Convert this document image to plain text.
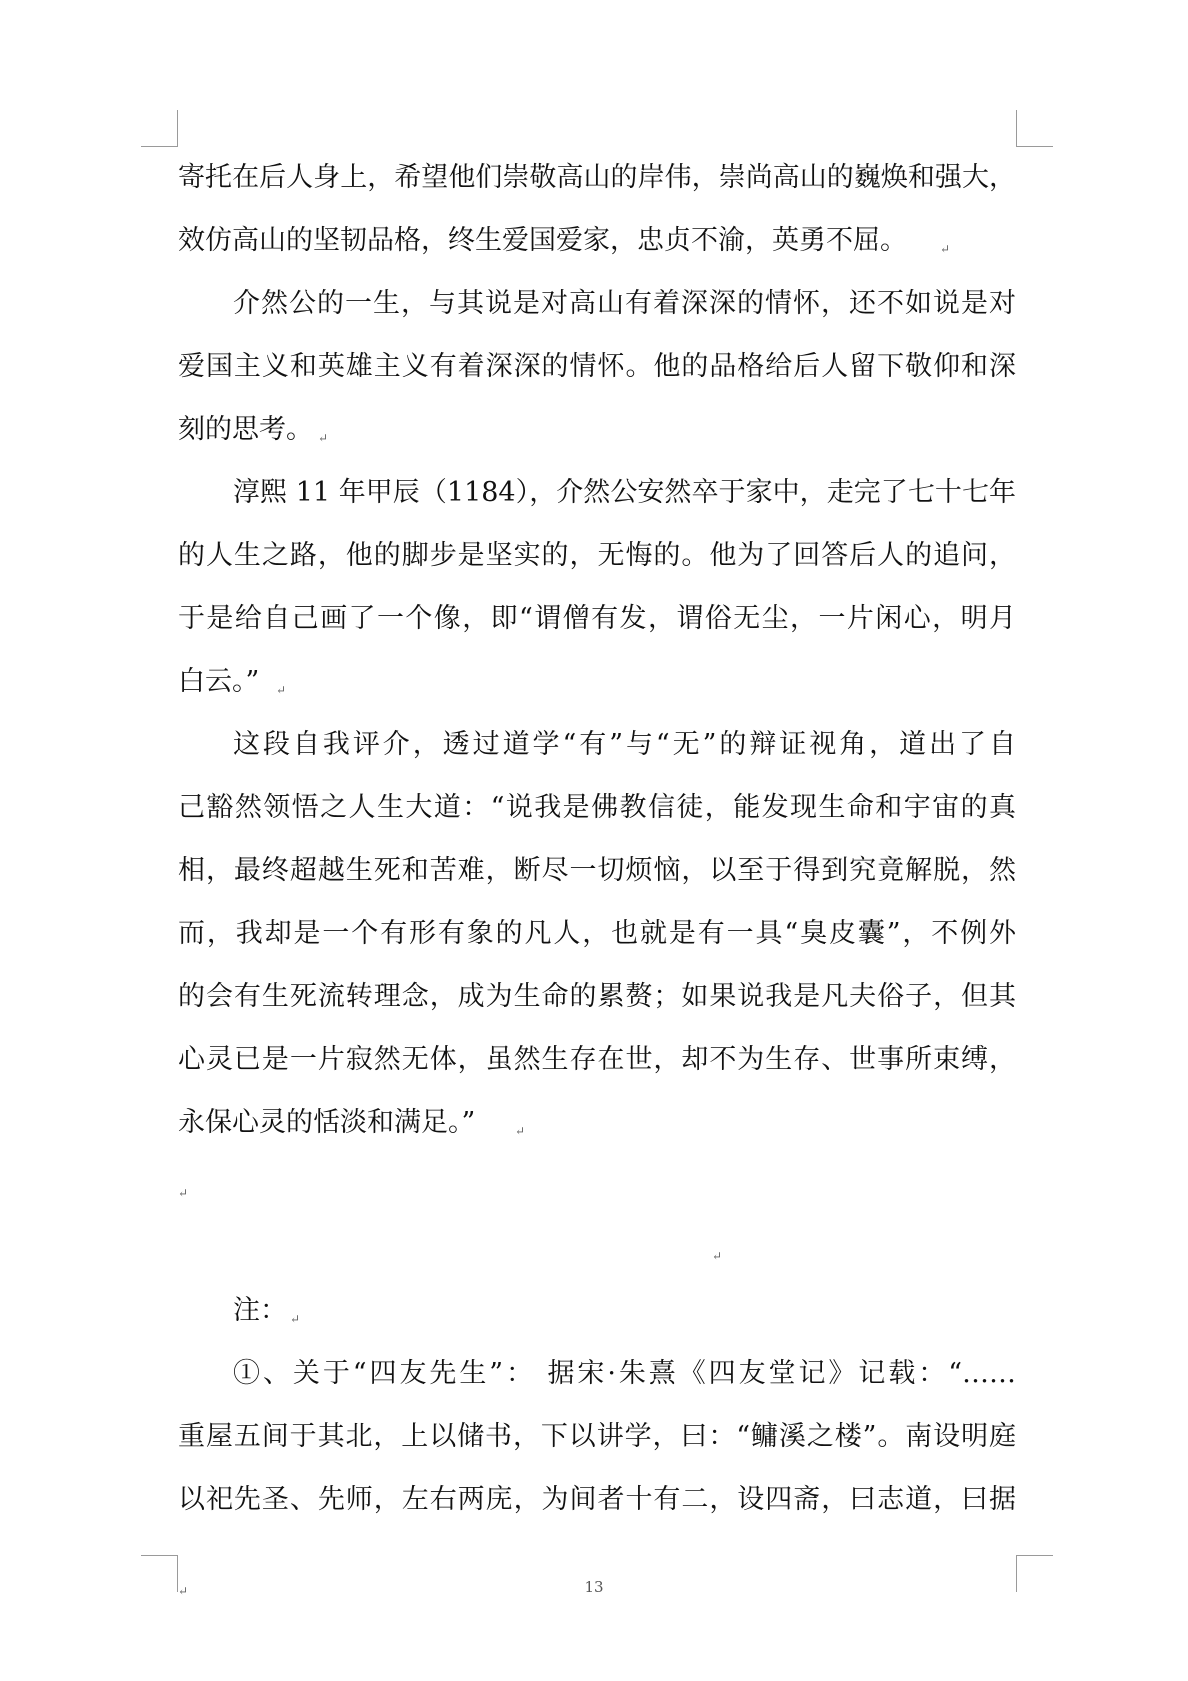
寄托在后人身上，希望他们崇敬高山的岸伟，崇尚高山的巍焕和强大，
效仿高山的坚韧品格，终生爱国爱家，忠贞不渝，英勇不屈。	↵
介然公的一生，与其说是对高山有着深深的情怀，还不如说是对
爱国主义和英雄主义有着深深的情怀。他的品格给后人留下敬仰和深
刻的思考。 ↵
淳熙 11 年甲辰（1184），介然公安然卒于家中，走完了七十七年
的人生之路，他的脚步是坚实的，无悔的。他为了回答后人的追问，
于是给自己画了一个像，即“谓僧有发，谓俗无尘，一片闲心，明月
白云。”	↵
这段自我评介，透过道学“有”与“无”的辩证视角，道出了自
己豁然领悟之人生大道：“说我是佛教信徒，能发现生命和宇宙的真
相，最终超越生死和苦难，断尽一切烦恼，以至于得到究竟解脱，然
而，我却是一个有形有象的凡人，也就是有一具“臭皮囊”，不例外
的会有生死流转理念，成为生命的累赘；如果说我是凡夫俗子，但其
心灵已是一片寂然无体，虽然生存在世，却不为生存、世事所束缚，
永保心灵的恬淡和满足。”	↵
↵
↵
注： ↵
①、关于“四友先生”： 据宋·朱熹《四友堂记》记载：“……
重屋五间于其北，上以储书，下以讲学，曰：“鳙溪之楼”。南设明庭
以祀先圣、先师，左右两庑，为间者十有二，设四斋，曰志道，曰据
↵	13
